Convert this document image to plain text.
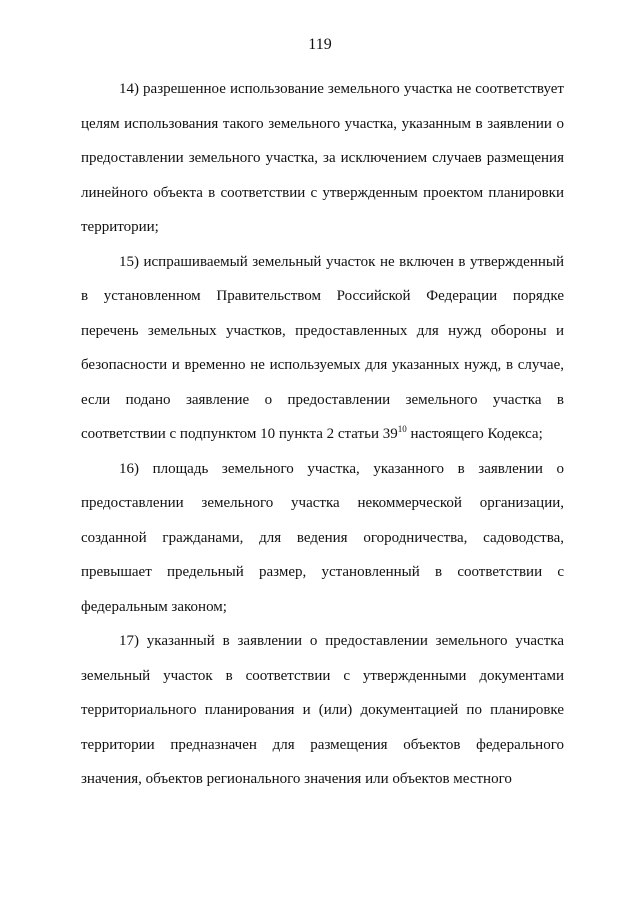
119

14) разрешенное использование земельного участка не соответствует целям использования такого земельного участка, указанным в заявлении о предоставлении земельного участка, за исключением случаев размещения линейного объекта в соответствии с утвержденным проектом планировки территории;

15) испрашиваемый земельный участок не включен в утвержденный в установленном Правительством Российской Федерации порядке перечень земельных участков, предоставленных для нужд обороны и безопасности и временно не используемых для указанных нужд, в случае, если подано заявление о предоставлении земельного участка в соответствии с подпунктом 10 пункта 2 статьи $39^{10}$ настоящего Кодекса;

16) площадь земельного участка, указанного в заявлении о предоставлении земельного участка некоммерческой организации, созданной гражданами, для ведения огородничества, садоводства, превышает предельный размер, установленный в соответствии с федеральным законом;

17) указанный в заявлении о предоставлении земельного участка земельный участок в соответствии с утвержденными документами территориального планирования и (или) документацией по планировке территории предназначен для размещения объектов федерального значения, объектов регионального значения или объектов местного
